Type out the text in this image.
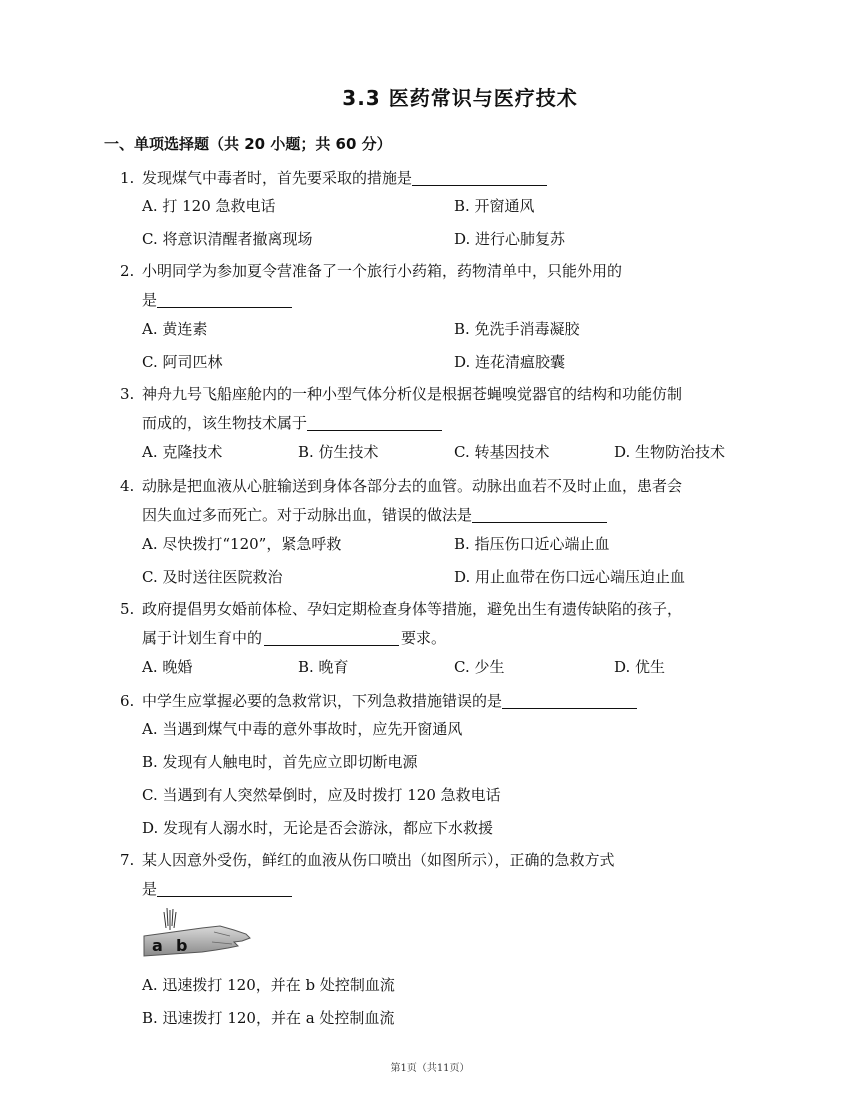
3.3 医药常识与医疗技术
一、单项选择题（共 20 小题；共 60 分）
1. 发现煤气中毒者时，首先要采取的措施是
A. 打 120 急救电话	B. 开窗通风
C. 将意识清醒者撤离现场	D. 进行心肺复苏
2. 小明同学为参加夏令营准备了一个旅行小药箱，药物清单中，只能外用的
是
A. 黄连素	B. 免洗手消毒凝胶
C. 阿司匹林	D. 连花清瘟胶囊
3. 神舟九号飞船座舱内的一种小型气体分析仪是根据苍蝇嗅觉器官的结构和功能仿制
而成的，该生物技术属于
A. 克隆技术	B. 仿生技术	C. 转基因技术	D. 生物防治技术
4. 动脉是把血液从心脏输送到身体各部分去的血管。动脉出血若不及时止血，患者会
因失血过多而死亡。对于动脉出血，错误的做法是
A. 尽快拨打“120”，紧急呼救	B. 指压伤口近心端止血
C. 及时送往医院救治	D. 用止血带在伤口远心端压迫止血
5. 政府提倡男女婚前体检、孕妇定期检查身体等措施，避免出生有遗传缺陷的孩子，
属于计划生育中的	要求。
A. 晚婚	B. 晚育	C. 少生	D. 优生
6. 中学生应掌握必要的急救常识，下列急救措施错误的是
A. 当遇到煤气中毒的意外事故时，应先开窗通风
B. 发现有人触电时，首先应立即切断电源
C. 当遇到有人突然晕倒时，应及时拨打 120 急救电话
D. 发现有人溺水时，无论是否会游泳，都应下水救援
7. 某人因意外受伤，鲜红的血液从伤口喷出（如图所示），正确的急救方式
是
a b
A. 迅速拨打 120，并在 b 处控制血流
B. 迅速拨打 120，并在 a 处控制血流
第1页（共11页）
